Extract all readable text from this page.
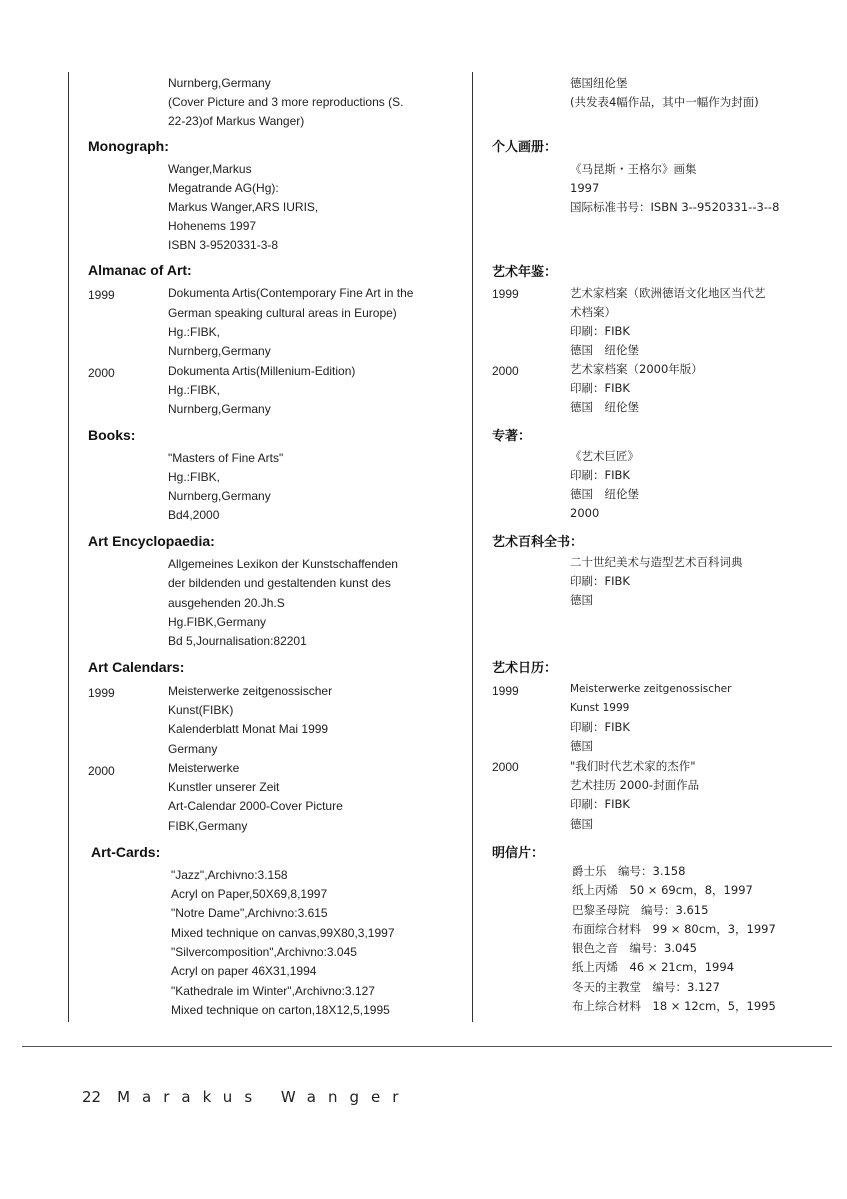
Nurnberg,Germany
(Cover Picture and 3 more reproductions (S.
22-23)of Markus Wanger)
Monograph:
Wanger,Markus
Megatrande AG(Hg):
Markus Wanger,ARS IURIS,
Hohenems 1997
ISBN 3-9520331-3-8
Almanac of Art:
1999	Dokumenta Artis(Contemporary Fine Art in the
German speaking cultural areas in Europe)
Hg.:FIBK,
Nurnberg,Germany
2000	Dokumenta Artis(Millenium-Edition)
Hg.:FIBK,
Nurnberg,Germany
Books:
"Masters of Fine Arts"
Hg.:FIBK,
Nurnberg,Germany
Bd4,2000
Art Encyclopaedia:
Allgemeines Lexikon der Kunstschaffenden
der bildenden und gestaltenden kunst des
ausgehenden 20.Jh.S
Hg.FIBK,Germany
Bd 5,Journalisation:82201
Art Calendars:
1999	Meisterwerke zeitgenossischer
Kunst(FIBK)
Kalenderblatt Monat Mai 1999
Germany
2000	Meisterwerke
Kunstler unserer Zeit
Art-Calendar 2000-Cover Picture
FIBK,Germany
Art-Cards:
"Jazz",Archivno:3.158
Acryl on Paper,50X69,8,1997
"Notre Dame",Archivno:3.615
Mixed technique on canvas,99X80,3,1997
"Silvercomposition",Archivno:3.045
Acryl on paper 46X31,1994
"Kathedrale im Winter",Archivno:3.127
Mixed technique on carton,18X12,5,1995
德国纽伦堡
(共发表4幅作品，其中一幅作为封面)
个人画册：
《马昆斯・王格尔》画集
1997
国际标准书号：ISBN 3--9520331--3--8
艺术年鉴：
1999	艺术家档案（欧洲德语文化地区当代艺
术档案）
印刷：FIBK
德国　纽伦堡
2000	艺术家档案（2000年版）
印刷：FIBK
德国　纽伦堡
专著：
《艺术巨匠》
印刷：FIBK
德国　纽伦堡
2000
艺术百科全书：
二十世纪美术与造型艺术百科词典
印刷：FIBK
德国
艺术日历：
1999	Meisterwerke zeitgenossischer
Kunst 1999
印刷：FIBK
德国
2000	"我们时代艺术家的杰作"
艺术挂历 2000-封面作品
印刷：FIBK
德国
明信片：
爵士乐　编号：3.158
纸上丙烯　50 × 69cm，8，1997
巴黎圣母院　编号：3.615
布面综合材料　99 × 80cm，3，1997
银色之音　编号：3.045
纸上丙烯　46 × 21cm，1994
冬天的主教堂　编号：3.127
布上综合材料　18 × 12cm，5，1995
22 Marakus Wanger
